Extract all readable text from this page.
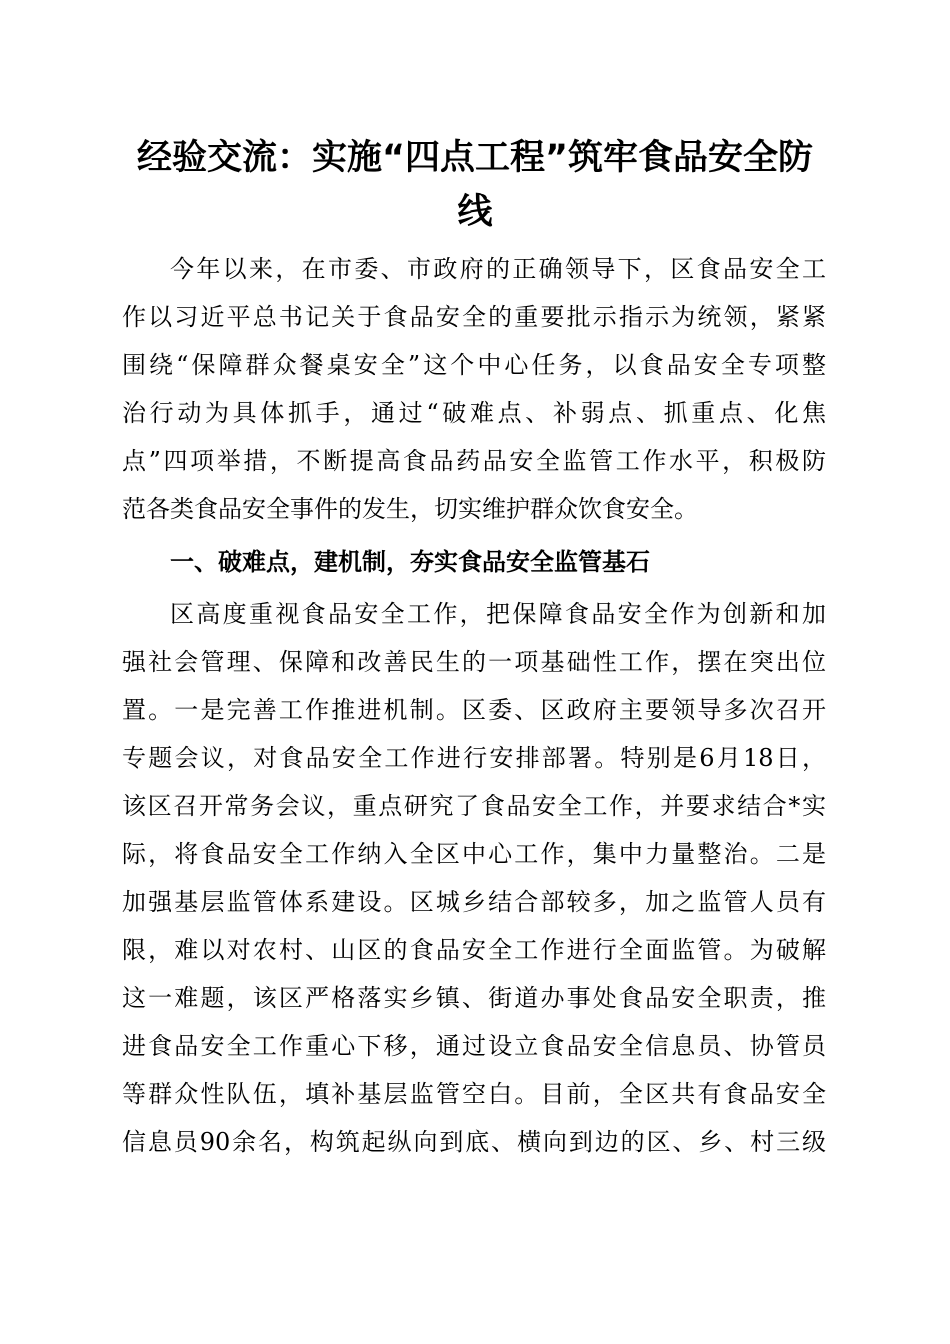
经验交流：实施“四点工程”筑牢食品安全防
线

今年以来，在市委、市政府的正确领导下，区食品安全工

作以习近平总书记关于食品安全的重要批示指示为统领，紧紧

围绕“保障群众餐桌安全”这个中心任务，以食品安全专项整

治行动为具体抓手，通过“破难点、补弱点、抓重点、化焦

点”四项举措，不断提高食品药品安全监管工作水平，积极防

范各类食品安全事件的发生，切实维护群众饮食安全。

一、破难点，建机制，夯实食品安全监管基石

区高度重视食品安全工作，把保障食品安全作为创新和加

强社会管理、保障和改善民生的一项基础性工作，摆在突出位

置。一是完善工作推进机制。区委、区政府主要领导多次召开

专题会议，对食品安全工作进行安排部署。特别是6月18日，

该区召开常务会议，重点研究了食品安全工作，并要求结合*实

际，将食品安全工作纳入全区中心工作，集中力量整治。二是

加强基层监管体系建设。区城乡结合部较多，加之监管人员有

限，难以对农村、山区的食品安全工作进行全面监管。为破解

这一难题，该区严格落实乡镇、街道办事处食品安全职责，推

进食品安全工作重心下移，通过设立食品安全信息员、协管员

等群众性队伍，填补基层监管空白。目前，全区共有食品安全

信息员90余名，构筑起纵向到底、横向到边的区、乡、村三级
